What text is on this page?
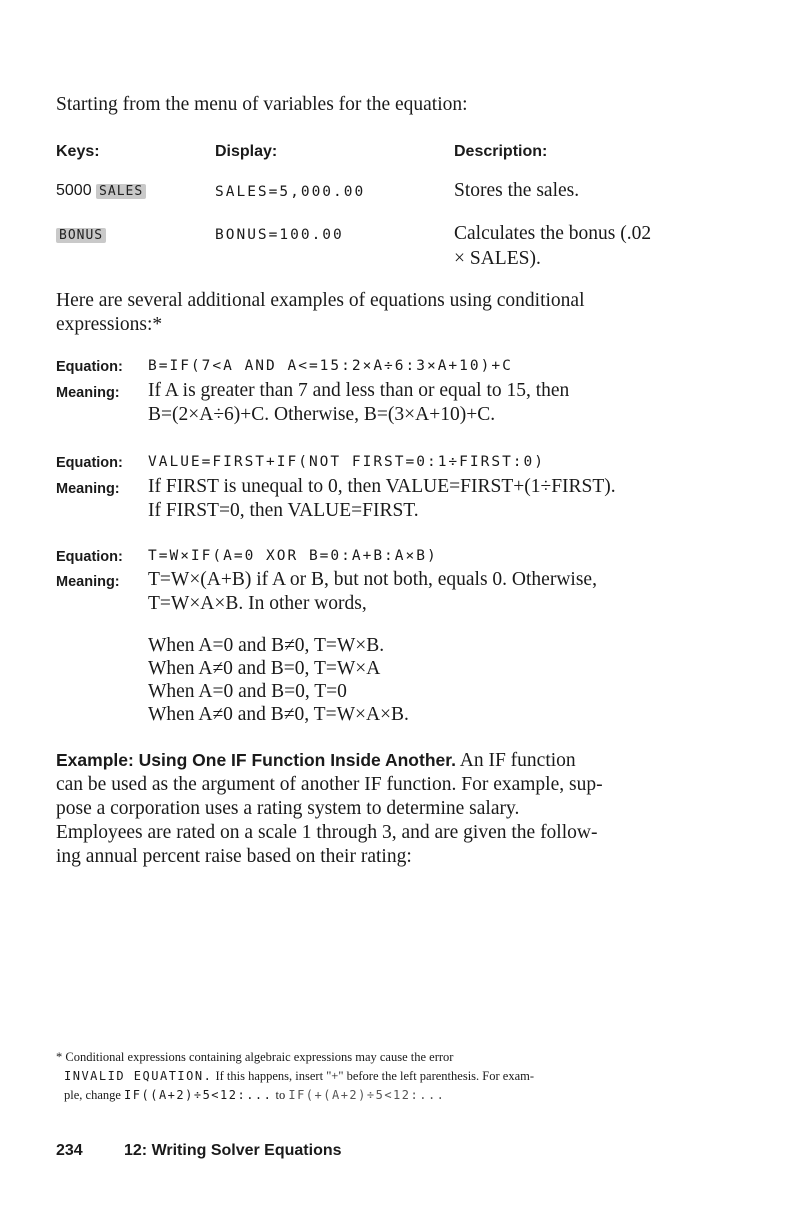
Starting from the menu of variables for the equation:
Keys:	Display:	Description:
5000 SALES	SALES=5,000.00	Stores the sales.
BONUS	BONUS=100.00	Calculates the bonus (.02
× SALES).
Here are several additional examples of equations using conditional
expressions:*
Equation: B=IF(7<A AND A<=15:2×A÷6:3×A+10)+C
Meaning: If A is greater than 7 and less than or equal to 15, then
B=(2×A÷6)+C. Otherwise, B=(3×A+10)+C.
Equation: VALUE=FIRST+IF(NOT FIRST=0:1÷FIRST:0)
Meaning: If FIRST is unequal to 0, then VALUE=FIRST+(1÷FIRST).
If FIRST=0, then VALUE=FIRST.
Equation: T=W×IF(A=0 XOR B=0:A+B:A×B)
Meaning: T=W×(A+B) if A or B, but not both, equals 0. Otherwise,
T=W×A×B. In other words,
When A=0 and B≠0, T=W×B.
When A≠0 and B=0, T=W×A
When A=0 and B=0, T=0
When A≠0 and B≠0, T=W×A×B.
Example: Using One IF Function Inside Another. An IF function
can be used as the argument of another IF function. For example, sup-
pose a corporation uses a rating system to determine salary.
Employees are rated on a scale 1 through 3, and are given the follow-
ing annual percent raise based on their rating:
* Conditional expressions containing algebraic expressions may cause the error
INVALID EQUATION. If this happens, insert "+" before the left parenthesis. For exam-
ple, change IF((A+2)÷5<12:... to IF(+(A+2)÷5<12:...
234	12: Writing Solver Equations
